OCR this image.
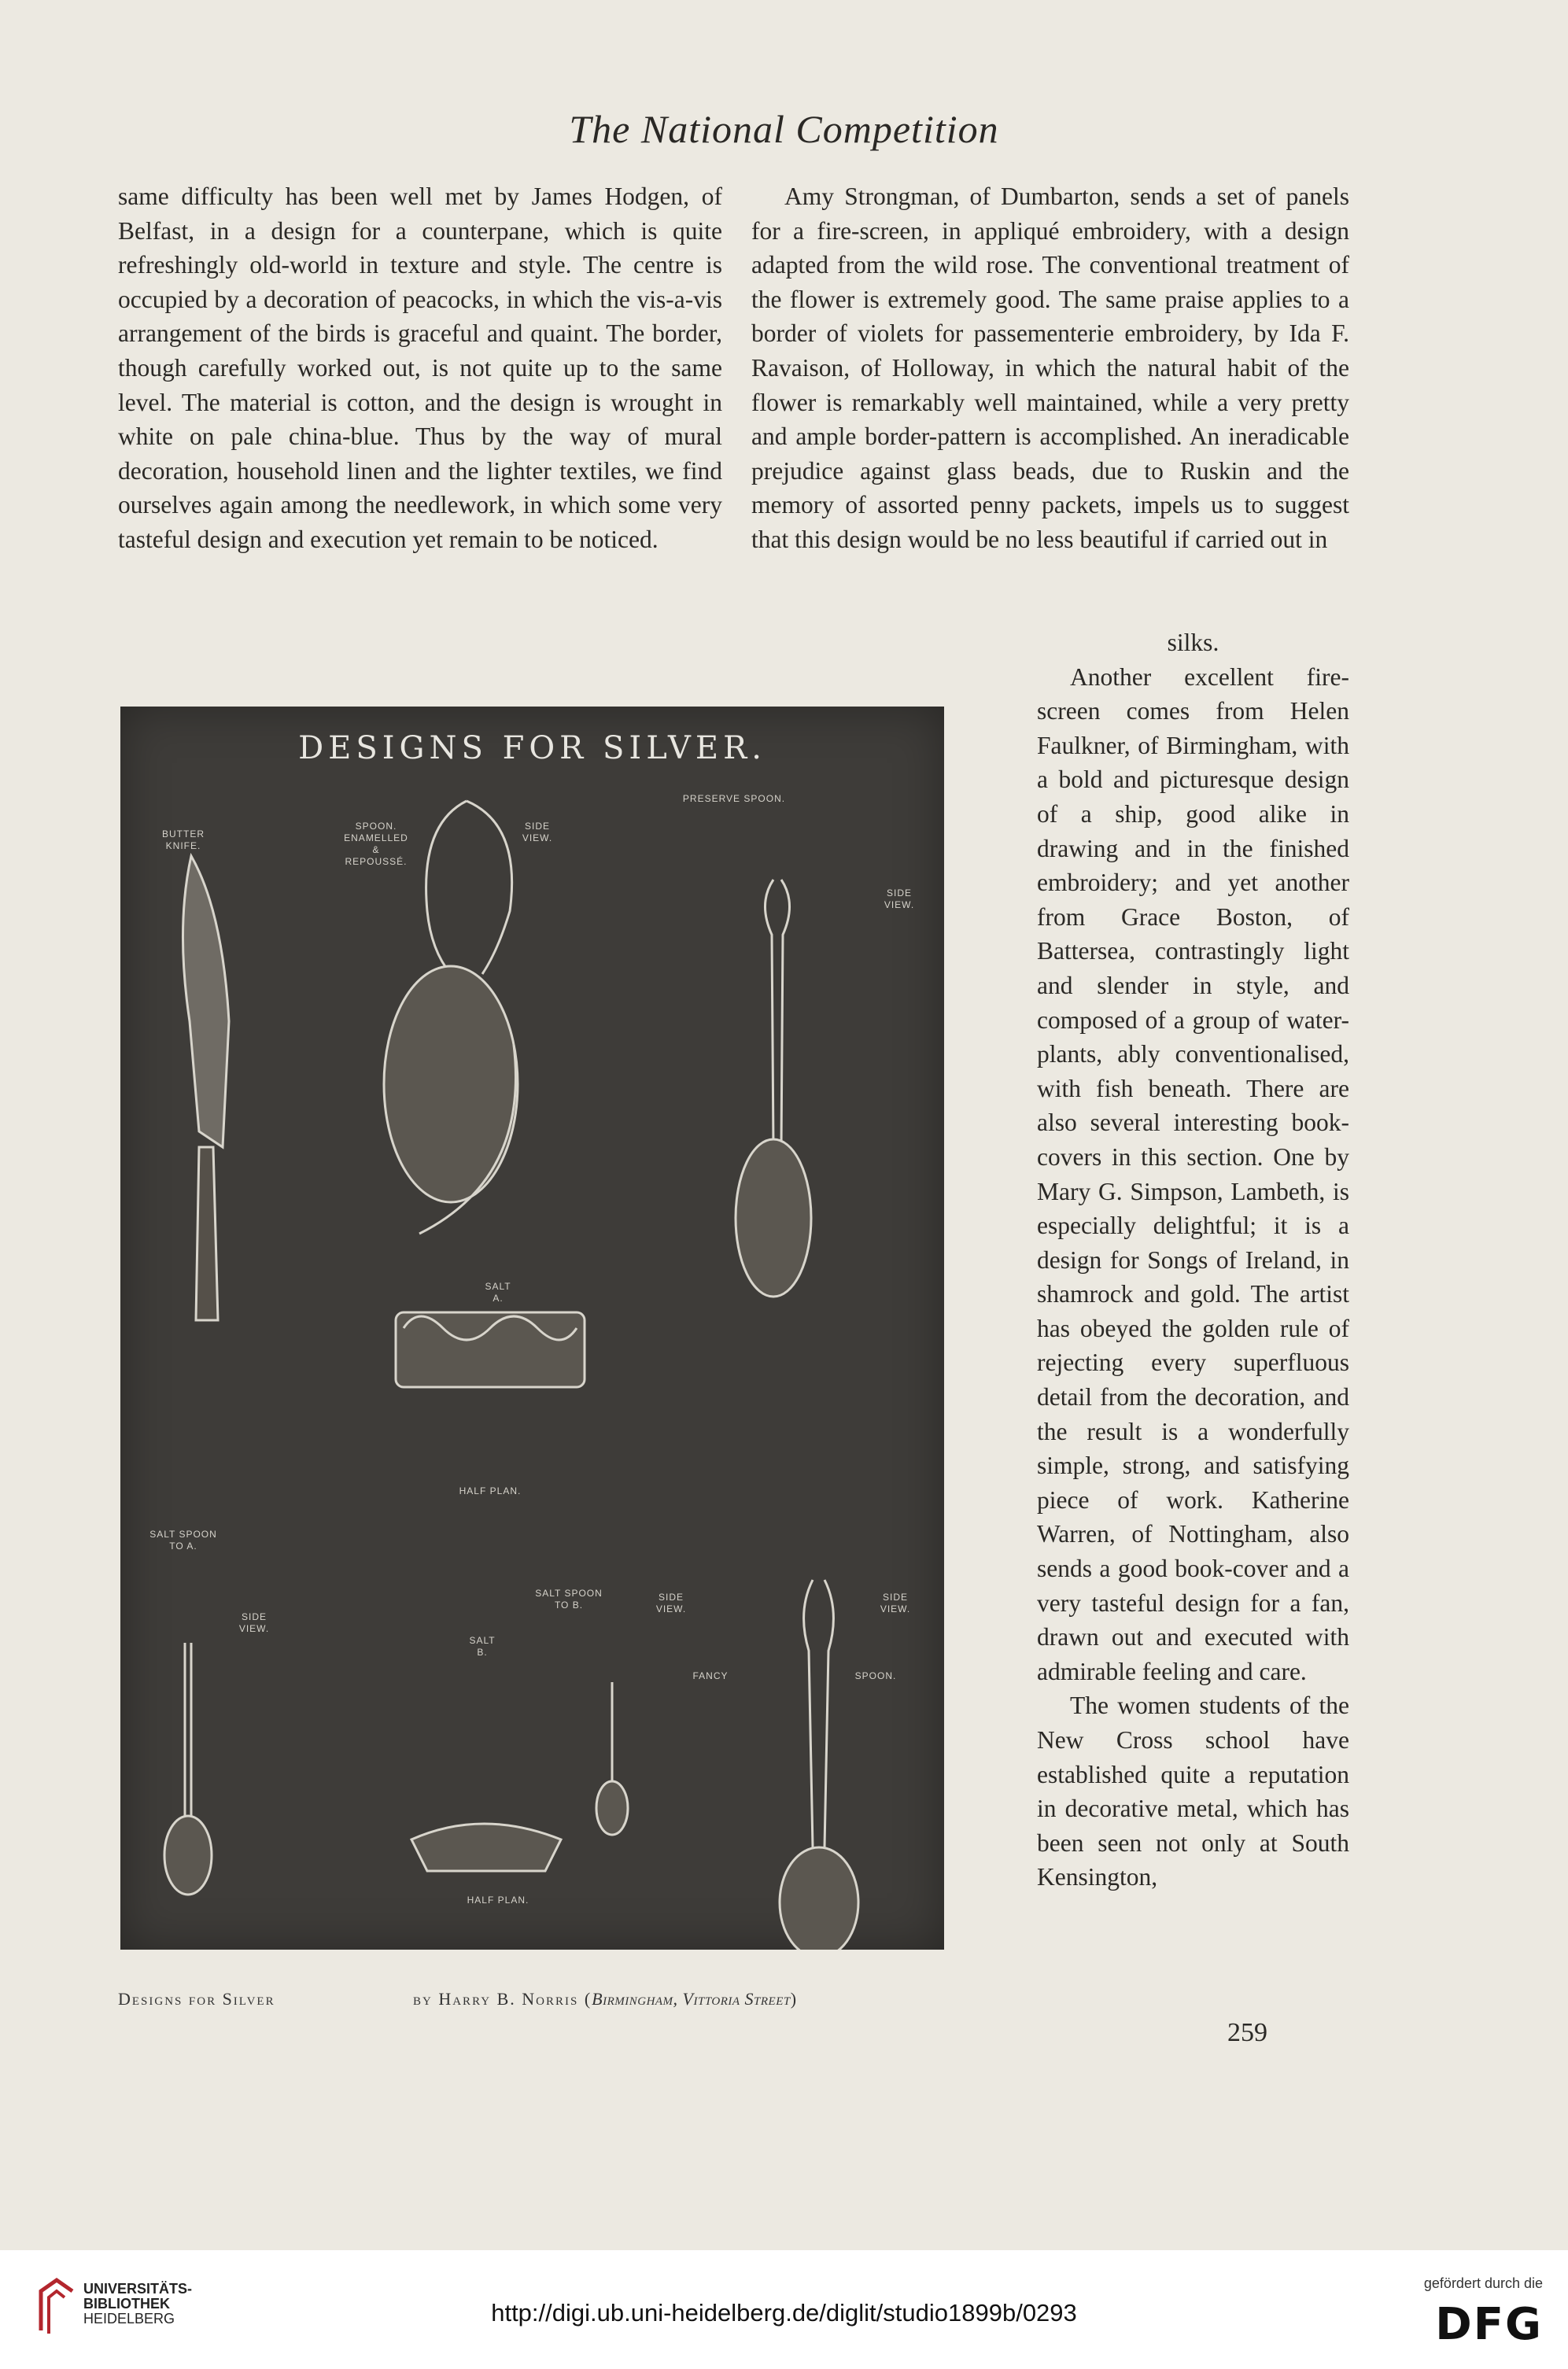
The National Competition

same difficulty has been well met by James Hodgen, of Belfast, in a design for a counterpane, which is quite refreshingly old-world in texture and style. The centre is occupied by a decoration of peacocks, in which the vis-a-vis arrangement of the birds is graceful and quaint. The border, though carefully worked out, is not quite up to the same level. The material is cotton, and the design is wrought in white on pale china-blue. Thus by the way of mural decoration, household linen and the lighter textiles, we find ourselves again among the needlework, in which some very tasteful design and execution yet remain to be noticed.

Amy Strongman, of Dumbarton, sends a set of panels for a fire-screen, in appliqué embroidery, with a design adapted from the wild rose. The conventional treatment of the flower is extremely good. The same praise applies to a border of violets for passementerie embroidery, by Ida F. Ravaison, of Holloway, in which the natural habit of the flower is remarkably well maintained, while a very pretty and ample border-pattern is accomplished. An ineradicable prejudice against glass beads, due to Ruskin and the memory of assorted penny packets, impels us to suggest that this design would be no less beautiful if carried out in

silks.

Another excellent fire-screen comes from Helen Faulkner, of Birmingham, with a bold and picturesque design of a ship, good alike in drawing and in the finished embroidery; and yet another from Grace Boston, of Battersea, contrastingly light and slender in style, and composed of a group of water-plants, ably conventionalised, with fish beneath. There are also several interesting book-covers in this section. One by Mary G. Simpson, Lambeth, is especially delightful; it is a design for Songs of Ireland, in shamrock and gold. The artist has obeyed the golden rule of rejecting every superfluous detail from the decoration, and the result is a wonderfully simple, strong, and satisfying piece of work. Katherine Warren, of Nottingham, also sends a good book-cover and a very tasteful design for a fan, drawn out and executed with admirable feeling and care.

The women students of the New Cross school have established quite a reputation in decorative metal, which has been seen not only at South Kensington,

DESIGNS FOR SILVER.
BUTTER
KNIFE.
SPOON.
ENAMELLED
&
REPOUSSÉ.
SIDE
VIEW.
PRESERVE SPOON.
SIDE
VIEW.
SALT
A.
HALF PLAN.
SALT SPOON
TO A.
SIDE
VIEW.
SALT SPOON
TO B.
SALT
B.
SIDE
VIEW.
SIDE
VIEW.
FANCY	SPOON.
HALF PLAN.
Designs for Silver	by Harry B. Norris (Birmingham, Vittoria Street)
259
UNIVERSITÄTS-
BIBLIOTHEK
HEIDELBERG	http://digi.ub.uni-heidelberg.de/diglit/studio1899b/0293
gefördert durch die
DFG
